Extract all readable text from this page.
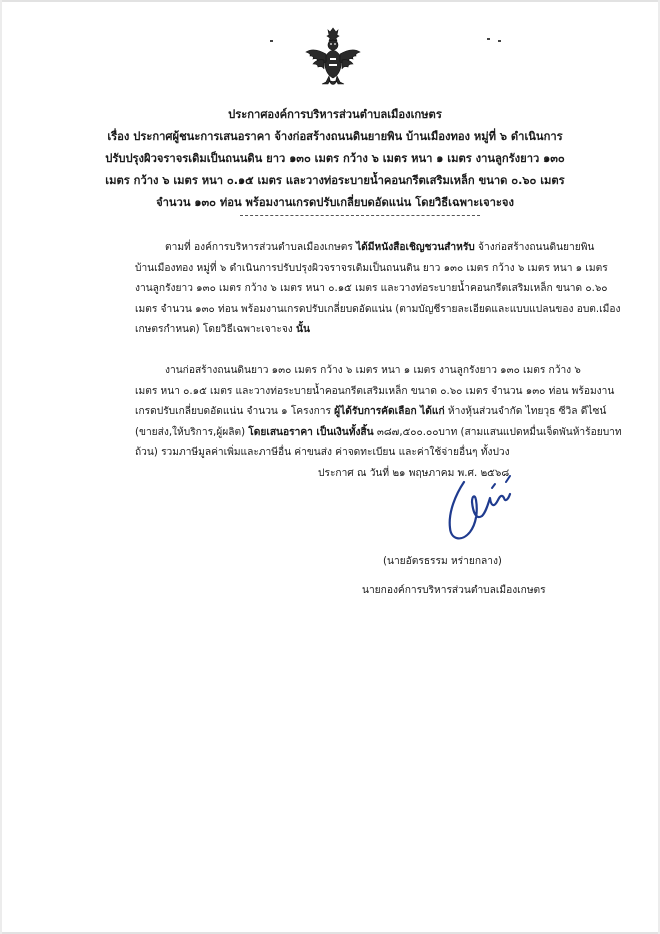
ประกาศองค์การบริหารส่วนตำบลเมืองเกษตร
เรื่อง ประกาศผู้ชนะการเสนอราคา จ้างก่อสร้างถนนดินยายพิน บ้านเมืองทอง หมู่ที่ ๖ ดำเนินการ
ปรับปรุงผิวจราจรเดิมเป็นถนนดิน ยาว ๑๓๐ เมตร กว้าง ๖ เมตร หนา ๑ เมตร งานลูกรังยาว ๑๓๐
เมตร กว้าง ๖ เมตร หนา ๐.๑๕ เมตร และวางท่อระบายน้ำคอนกรีตเสริมเหล็ก ขนาด ๐.๖๐ เมตร
จำนวน ๑๓๐ ท่อน พร้อมงานเกรดปรับเกลี่ยบดอัดแน่น โดยวิธีเฉพาะเจาะจง
ตามที่ องค์การบริหารส่วนตำบลเมืองเกษตร ได้มีหนังสือเชิญชวนสำหรับ จ้างก่อสร้างถนนดินยายพิน
บ้านเมืองทอง หมู่ที่ ๖ ดำเนินการปรับปรุงผิวจราจรเดิมเป็นถนนดิน ยาว ๑๓๐ เมตร กว้าง ๖ เมตร หนา ๑ เมตร
งานลูกรังยาว ๑๓๐ เมตร กว้าง ๖ เมตร หนา ๐.๑๕ เมตร และวางท่อระบายน้ำคอนกรีตเสริมเหล็ก ขนาด ๐.๖๐
เมตร จำนวน ๑๓๐ ท่อน พร้อมงานเกรดปรับเกลี่ยบดอัดแน่น (ตามบัญชีรายละเอียดและแบบแปลนของ อบต.เมือง
เกษตรกำหนด) โดยวิธีเฉพาะเจาะจง นั้น
งานก่อสร้างถนนดินยาว ๑๓๐ เมตร กว้าง ๖ เมตร หนา ๑ เมตร งานลูกรังยาว ๑๓๐ เมตร กว้าง ๖
เมตร หนา ๐.๑๕ เมตร และวางท่อระบายน้ำคอนกรีตเสริมเหล็ก ขนาด ๐.๖๐ เมตร จำนวน ๑๓๐ ท่อน พร้อมงาน
เกรดปรับเกลี่ยบดอัดแน่น จำนวน ๑ โครงการ ผู้ได้รับการคัดเลือก ได้แก่ ห้างหุ้นส่วนจำกัด ไทยวุธ ซีวิล ดีไซน์
(ขายส่ง,ให้บริการ,ผู้ผลิต) โดยเสนอราคา เป็นเงินทั้งสิ้น ๓๘๗,๕๐๐.๐๐บาท (สามแสนแปดหมื่นเจ็ดพันห้าร้อยบาท
ถ้วน) รวมภาษีมูลค่าเพิ่มและภาษีอื่น ค่าขนส่ง ค่าจดทะเบียน และค่าใช้จ่ายอื่นๆ ทั้งปวง
ประกาศ ณ วันที่ ๒๑ พฤษภาคม พ.ศ. ๒๕๖๘
(นายอัตรธรรม หร่ายกลาง)
นายกองค์การบริหารส่วนตำบลเมืองเกษตร
